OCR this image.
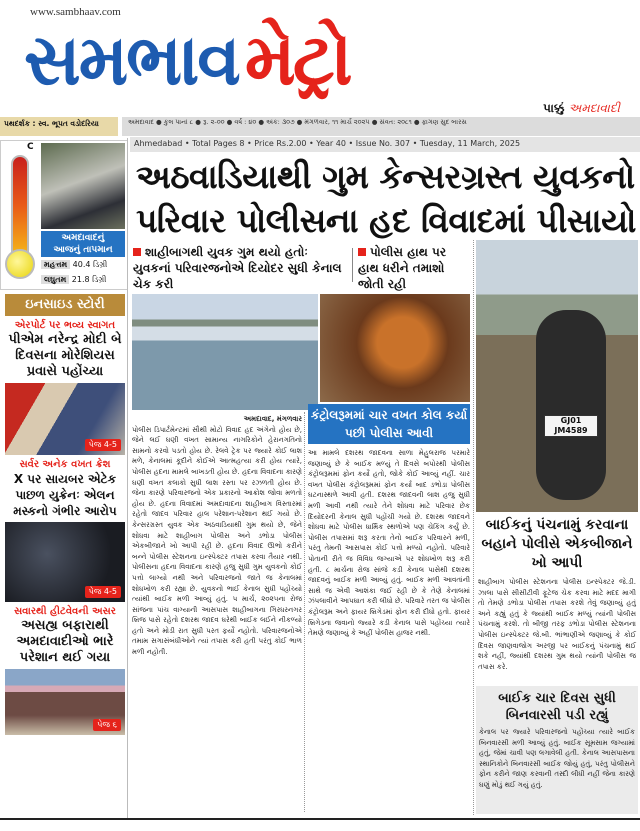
www.sambhaav.com
સમભાવ મેટ્રો
પાક્કું અમદાવાદી
પથદર્શક : સ્વ. ભૂપત વડોદરિયા	અમદાવાદ ● કુલ પાનાં ૮ ● રૂ. ૨-૦૦ ● વર્ષ : ૪૦ ● અંક: ૩૦૭ ● મંગળવાર, ૧૧ માર્ચ ૨૦૨૫ ● સંવત: ૨૦૮૧ ● ફાગણ સુદ બારસ
Ahmedabad • Total Pages 8 • Price Rs.2.00 • Year 40 • Issue No. 307 • Tuesday, 11 March, 2025
C
અમદાવાદનું
આજનું તાપમાન
મહત્તમ 40.4 ડિગ્રી
લઘુતમ 21.8 ડિગ્રી
ઇનસાઇડ સ્ટોરી
એરપોર્ટ પર ભવ્ય સ્વાગત
પીએમ નરેન્દ્ર મોદી બે દિવસના મોરેશિયસ પ્રવાસે પહોંચ્યા
પેજ 4-5
સર્વર અનેક વખત ક્રેશ
X પર સાયબર એટેક પાછળ યુક્રેનઃ એલન મસ્કનો ગંભીર આરોપ
પેજ 4-5
સવારથી હીટવેવની અસર
અસહ્ય બફારાથી અમદાવાદીઓ ભારે પરેશાન થઈ ગયા
પેજ ૬
અઠવાડિયાથી ગુમ કેન્સરગ્રસ્ત યુવકનો
પરિવાર પોલીસના હદ વિવાદમાં પીસાયો
શાહીબાગથી યુવક ગુમ થયો હતોઃ યુવકનાં પરિવારજનોએ દિયોદર સુધી કેનાલ ચેક કરી
પોલીસ હાથ પર હાથ ધરીને તમાશો જોતી રહી
અમદાવાદ, મંગળવાર
પોલીસ ડિપાર્ટમેન્ટમાં સૌથી મોટો વિવાદ હદ અંગેનો હોય છે, જેને લઈ ઘણી વખત સામાન્ય નાગરિકોને હેરાનગતિનો સામનો કરવો પડતો હોય છે. રેલવે ટ્રેક પર જ્યારે કોઈ લાશ મળે, કેનાલમાં કૂદીને કોઈએ આત્મહત્યા કરી હોય ત્યારે, પોલીસ હદના મામલે બાખડતી હોય છે. હદના વિવાદના કારણે ઘણી વખત કલાકો સુધી લાશ રસ્તા પર રઝળતી હોય છે. જેના કારણે પરિવારજનો એક પ્રકારનો આક્રોશ જોવા મળતો હોય છે. હદના વિવાદમાં અમદાવાદના શાહીબાગ વિસ્તારમાં રહેતો જાદવ પરિવાર હાલ પરેશાન-પરેશાન થઈ ગયો છે. કેન્સરગ્રસ્ત યુવક એક અઠવાડિયાથી ગુમ થયો છે, જેને શોધવા માટે શાહીબાગ પોલીસ અને ડભોડા પોલીસ એકબીજાને ખો આપી રહી છે. હદના વિવાદ ઊભો કરીને બન્ને પોલીસ સ્ટેશનના ઇન્સ્પેક્ટર તપાસ કરવા તૈયાર નથી. પોલીસના હદના વિવાદના કારણે હજુ સુધી ગુમ યુવકનો કોઈ પત્તો લાગ્યો નથી અને પરિવારજનો જાતે જ કેનાલમાં શોધખોળ કરી રહ્યા છે. યુવકનો ભાઈ કેનાલ સુધી પહોંચ્યો ત્યાંથી બાઈક મળી આવ્યું હતું. પ માર્ચ, ૨૦૨૫ના રોજ સાંજના પાંચ વાગ્યાની આસપાસ શાહીબાગના ગિરધરનગર બ્રિજ પાસે રહેતો દશરથ જાદવ ઘરેથી બાઈક લઈને નીકળ્યો હતો અને મોડી રાત સુધી પરત ફર્યો નહોતો. પરિવારજનોએ તમામ સગાસંબંધીઓને ત્યાં તપાસ કરી હતી પરંતુ કોઈ ભાળ મળી નહોતી.
કંટ્રોલરૂમમાં ચાર વખત કોલ કર્યા પછી પોલીસ આવી
આ મામલે દશરથ જાદવના સાળા મેહુલરાજ પરમારે જણાવ્યું છે કે બાઈક મળ્યું તે દિવસે બપોરથી પોલીસ કંટ્રોલરૂમમાં ફોન કર્યો હતો, જોકે કોઈ આવ્યું નહીં. ચાર વખત પોલીસ કંટ્રોલરૂમમાં ફોન કર્યા બાદ ડભોડા પોલીસ ઘટનાસ્થળે આવી હતી. દશરથ જાદવની લાશ હજુ સુધી મળી આવી નથી ત્યારે તેને શોધવા માટે પરિવાર છેક દિયોદરની કેનાલ સુધી પહોંચી ગયો છે. દશરથ જાદવને શોધવા માટે પોલીસ ધાર્મિક સ્થળોએ પણ ચેકિંગ કર્યું છે. પોલીસ તપાસમાં શરૂ કરતા તેનો બાઈક પરિવારને મળી, પરંતુ તેમની આસપાસ કોઈ પત્તો મળ્યો નહોતો. પરિવારે પોતાની રીતે જ વિવિધ જગ્યાએ પર શોધખોળ શરૂ કરી હતી. ૮ માર્ચના રોજ સાંજે કડી કેનાલ પાસેથી દશરથ જાદવનું બાઈક મળી આવ્યું હતું. બાઈક મળી આવતાંની સાથે જ એવી આશંકા જઈ રહી છે કે તેણે કેનાલમાં ઝંપલાવીને આપઘાત કરી લીધો છે. પરિવારે તરત જ પોલીસ કંટ્રોલરૂમ અને ફાયર બ્રિગેડમાં ફોન કરી દીધો હતો. ફાયર બ્રિગેડના જવાનો જ્યારે કડી કેનાલ પાસે પહોંચ્યા ત્યારે તેમણે જણાવ્યું કે અહીં પોલીસ હાજર નથી.
GJ01 JM4589
બાઈકનું પંચનામું કરવાના બહાને પોલીસે એકબીજાને ખો આપી
શાહીબાગ પોલીસ સ્ટેશનના પોલીસ ઇન્સ્પેક્ટર જે.ડી. ઝાલા પાસે સીસીટીવી ફૂટેજ ચેક કરવા માટે મદદ માગી તો તેમણે ડભોડા પોલીસ તપાસ કરશે તેવું જણાવ્યું હતું અને કહ્યું હતું કે જ્યાંથી બાઈક મળ્યું ત્યાંની પોલીસ પંચનામું કરશે. તો બીજી તરફ ડભોડા પોલીસ સ્ટેશનના પોલીસ ઇન્સ્પેક્ટર જે.બી. ભાંભાણીએ જણાવ્યું કે કોઈ દિવસ જાણવાજોગ અરજી પર બાઈકનું પંચનામું થઈ શકે નહીં, જ્યાંથી દશરથ ગુમ થયો ત્યાંની પોલીસ જ તપાસ કરે.
બાઈક ચાર દિવસ સુધી બિનવારસી પડી રહ્યું
કેનાલ પર જ્યારે પરિવારજનો પહોંચ્યા ત્યારે બાઈક બિનવારસી મળી આવ્યું હતું. બાઈક સૂમસામ જગ્યામાં હતું, જેમાં ચાવી પણ લગાવેલી હતી. કેનાલ આસપાસના સ્થાનિકોને બિનવારસી બાઈક જોયું હતું, પરંતુ પોલીસને ફોન કરીને જાણ કરવાની તસ્દી લીધી નહીં જેના કારણે ઘણું મોડું થઈ ગયું હતું.
